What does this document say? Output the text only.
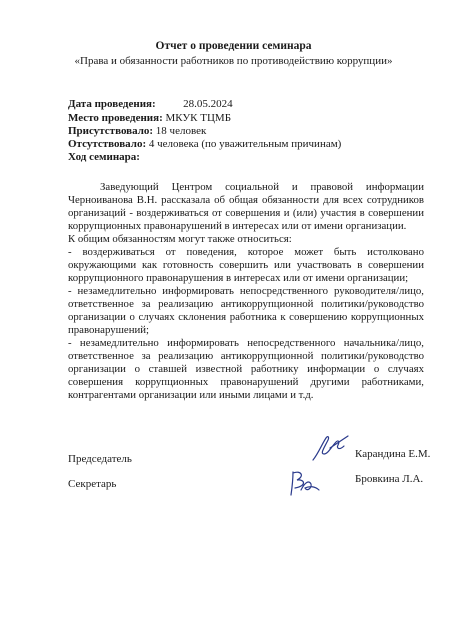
Отчет о проведении семинара
«Права и обязанности работников по противодействию коррупции»
Дата проведения:	28.05.2024
Место проведения: МКУК ТЦМБ
Присутствовало: 18 человек
Отсутствовало: 4 человека (по уважительным причинам)
Ход семинара:
Заведующий Центром социальной и правовой информации
Черноиванова В.Н. рассказала об общая обязанности для всех сотрудников
организаций - воздерживаться от совершения и (или) участия в совершении
коррупционных правонарушений в интересах или от имени организации.
К общим обязанностям могут также относиться:
- воздерживаться от поведения, которое может быть истолковано
окружающими как готовность совершить или участвовать в совершении
коррупционного правонарушения в интересах или от имени организации;
- незамедлительно информировать непосредственного руководителя/лицо,
ответственное за реализацию антикоррупционной политики/руководство
организации о случаях склонения работника к совершению коррупционных
правонарушений;
- незамедлительно информировать непосредственного начальника/лицо,
ответственное за реализацию антикоррупционной политики/руководство
организации о ставшей известной работнику информации о случаях
совершения коррупционных правонарушений другими работниками,
контрагентами организации или иными лицами и т.д.
Председатель	Карандина Е.М.
Секретарь	Бровкина Л.А.
